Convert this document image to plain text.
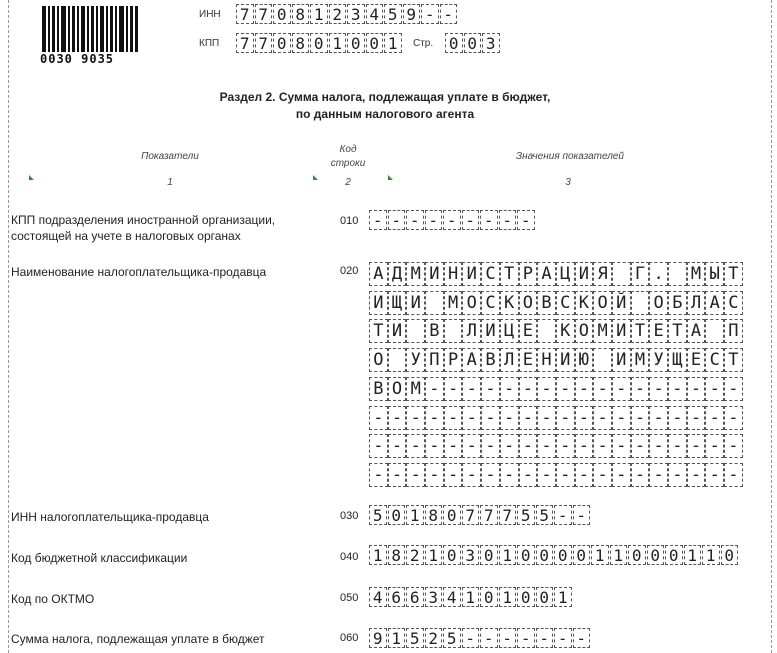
0030 9035
ИНН 7 7 0 8 1 2 3 4 5 9 - -
КПП 7 7 0 8 0 1 0 0 1	Стр. 0 0 3
Раздел 2. Сумма налога, подлежащая уплате в бюджет,
по данным налогового агента
Показатели
Код
строки
Значения показателей
1	2	3
КПП подразделения иностранной организации,
состоящей на учете в налоговых органах
010 - - - - - - - - -
Наименование налогоплательщика-продавца	020 А Д М И Н И С Т Р А Ц И Я Г . М Ы Т
И Щ И М О С К О В С К О Й О Б Л А С
Т И В Л И Ц Е К О М И Т Е Т А П
О У П Р А В Л Е Н И Ю И М У Щ Е С Т
В О М - - - - - - - - - - - - - - - - -
- - - - - - - - - - - - - - - - - - - -
- - - - - - - - - - - - - - - - - - - -
- - - - - - - - - - - - - - - - - - - -
ИНН налогоплательщика-продавца	030 5 0 1 8 0 7 7 7 5 5 - -
Код бюджетной классификации	040 1 8 2 1 0 3 0 1 0 0 0 0 1 1 0 0 0 1 1 0
Код по ОКТМО	050 4 6 6 3 4 1 0 1 0 0 1
Сумма налога, подлежащая уплате в бюджет	060 9 1 5 2 5 - - - - - - -
